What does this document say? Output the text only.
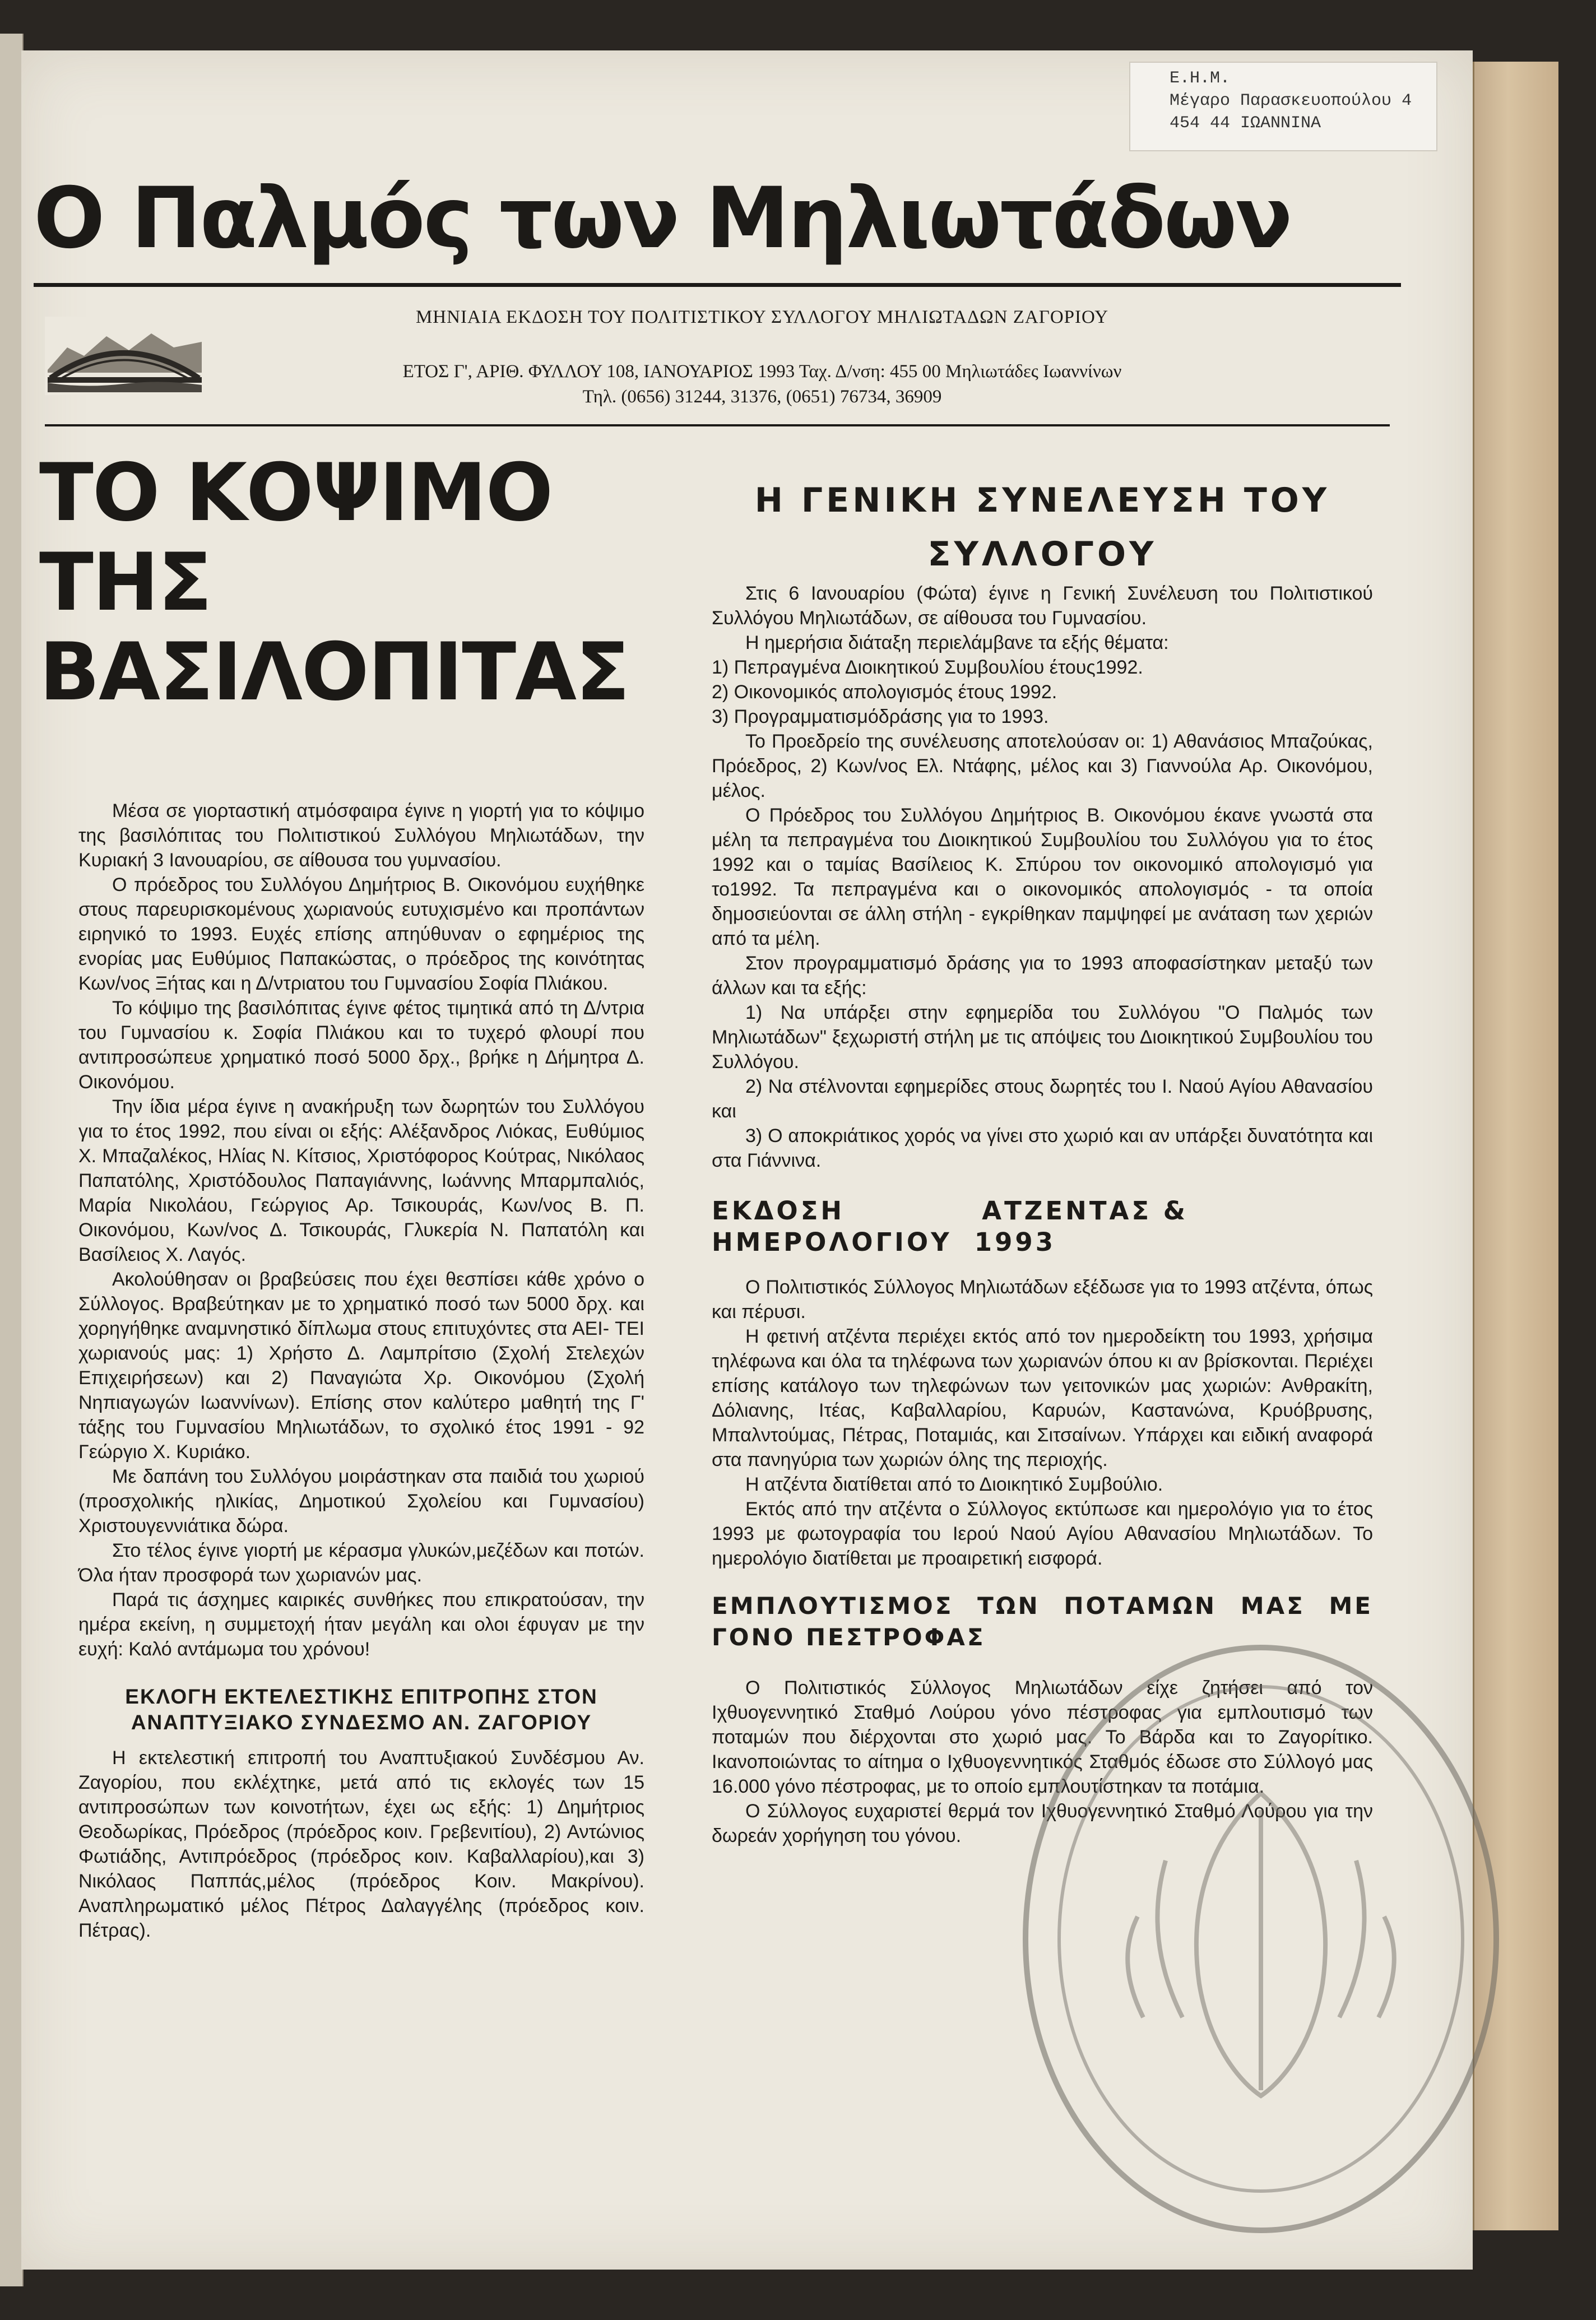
Ε.Η.Μ.
Μέγαρο Παρασκευοπούλου 4
454 44 ΙΩΑΝΝΙΝΑ
Ο Παλμός των Μηλιωτάδων
ΜΗΝΙΑΙΑ ΕΚΔΟΣΗ ΤΟΥ ΠΟΛΙΤΙΣΤΙΚΟΥ ΣΥΛΛΟΓΟΥ ΜΗΛΙΩΤΑΔΩΝ ΖΑΓΟΡΙΟΥ
ΕΤΟΣ Γ', ΑΡΙΘ. ΦΥΛΛΟΥ 108, ΙΑΝΟΥΑΡΙΟΣ 1993 Ταχ. Δ/νση: 455 00 Μηλιωτάδες Ιωαννίνων
Τηλ. (0656) 31244, 31376, (0651) 76734, 36909
ΤΟ ΚΟΨΙΜΟ
ΤΗΣ
ΒΑΣΙΛΟΠΙΤΑΣ

Μέσα σε γιορταστική ατμόσφαιρα έγινε η γιορτή για το κόψιμο της βασιλόπιτας του Πολιτιστικού Συλλόγου Μηλιωτάδων, την Κυριακή 3 Ιανουαρίου, σε αίθουσα του γυμνασίου.

Ο πρόεδρος του Συλλόγου Δημήτριος Β. Οικονόμου ευχήθηκε στους παρευρισκομένους χωριανούς ευτυχισμένο και προπάντων ειρηνικό το 1993. Ευχές επίσης απηύθυναν ο εφημέριος της ενορίας μας Ευθύμιος Παπακώστας, ο πρόεδρος της κοινότητας Κων/νος Ξήτας και η Δ/ντριατου του Γυμνασίου Σοφία Πλιάκου.

Το κόψιμο της βασιλόπιτας έγινε φέτος τιμητικά από τη Δ/ντρια του Γυμνασίου κ. Σοφία Πλιάκου και το τυχερό φλουρί που αντιπροσώπευε χρηματικό ποσό 5000 δρχ., βρήκε η Δήμητρα Δ. Οικονόμου.

Την ίδια μέρα έγινε η ανακήρυξη των δωρητών του Συλλόγου για το έτος 1992, που είναι οι εξής: Αλέξανδρος Λιόκας, Ευθύμιος Χ. Μπαζαλέκος, Ηλίας Ν. Κίτσιος, Χριστόφορος Κούτρας, Νικόλαος Παπατόλης, Χριστόδουλος Παπαγιάννης, Ιωάννης Μπαρμπαλιός, Μαρία Νικολάου, Γεώργιος Αρ. Τσικουράς, Κων/νος Β. Π. Οικονόμου, Κων/νος Δ. Τσικουράς, Γλυκερία Ν. Παπατόλη και Βασίλειος Χ. Λαγός.

Ακολούθησαν οι βραβεύσεις που έχει θεσπίσει κάθε χρόνο ο Σύλλογος. Βραβεύτηκαν με το χρηματικό ποσό των 5000 δρχ. και χορηγήθηκε αναμνηστικό δίπλωμα στους επιτυχόντες στα ΑΕΙ- ΤΕΙ χωριανούς μας: 1) Χρήστο Δ. Λαμπρίτσιο (Σχολή Στελεχών Επιχειρήσεων) και 2) Παναγιώτα Χρ. Οικονόμου (Σχολή Νηπιαγωγών Ιωαννίνων). Επίσης στον καλύτερο μαθητή της Γ' τάξης του Γυμνασίου Μηλιωτάδων, το σχολικό έτος 1991 - 92 Γεώργιο Χ. Κυριάκο.

Με δαπάνη του Συλλόγου μοιράστηκαν στα παιδιά του χωριού (προσχολικής ηλικίας, Δημοτικού Σχολείου και Γυμνασίου) Χριστουγεννιάτικα δώρα.

Στο τέλος έγινε γιορτή με κέρασμα γλυκών,μεζέδων και ποτών. Όλα ήταν προσφορά των χωριανών μας.

Παρά τις άσχημες καιρικές συνθήκες που επικρατούσαν, την ημέρα εκείνη, η συμμετοχή ήταν μεγάλη και ολοι έφυγαν με την ευχή: Καλό αντάμωμα του χρόνου!

ΕΚΛΟΓΗ ΕΚΤΕΛΕΣΤΙΚΗΣ ΕΠΙΤΡΟΠΗΣ ΣΤΟΝ ΑΝΑΠΤΥΞΙΑΚΟ ΣΥΝΔΕΣΜΟ ΑΝ. ΖΑΓΟΡΙΟΥ

Η εκτελεστική επιτροπή του Αναπτυξιακού Συνδέσμου Αν. Ζαγορίου, που εκλέχτηκε, μετά από τις εκλογές των 15 αντιπροσώπων των κοινοτήτων, έχει ως εξής: 1) Δημήτριος Θεοδωρίκας, Πρόεδρος (πρόεδρος κοιν. Γρεβενιτίου), 2) Αντώνιος Φωτιάδης, Αντιπρόεδρος (πρόεδρος κοιν. Καβαλλαρίου),και 3) Νικόλαος Παππάς,μέλος (πρόεδρος Κοιν. Μακρίνου). Αναπληρωματικό μέλος Πέτρος Δαλαγγέλης (πρόεδρος κοιν. Πέτρας).

Η ΓΕΝΙΚΗ ΣΥΝΕΛΕΥΣΗ ΤΟΥ
ΣΥΛΛΟΓΟΥ

Στις 6 Ιανουαρίου (Φώτα) έγινε η Γενική Συνέλευση του Πολιτιστικού Συλλόγου Μηλιωτάδων, σε αίθουσα του Γυμνασίου.

Η ημερήσια διάταξη περιελάμβανε τα εξής θέματα:

1) Πεπραγμένα Διοικητικού Συμβουλίου έτους1992.

2) Οικονομικός απολογισμός έτους 1992.

3) Προγραμματισμόδράσης για το 1993.

Το Προεδρείο της συνέλευσης αποτελούσαν οι: 1) Αθανάσιος Μπαζούκας, Πρόεδρος, 2) Κων/νος Ελ. Ντάφης, μέλος και 3) Γιαννούλα Αρ. Οικονόμου, μέλος.

Ο Πρόεδρος του Συλλόγου Δημήτριος Β. Οικονόμου έκανε γνωστά στα μέλη τα πεπραγμένα του Διοικητικού Συμβουλίου του Συλλόγου για το έτος 1992 και ο ταμίας Βασίλειος Κ. Σπύρου τον οικονομικό απολογισμό για το1992. Τα πεπραγμένα και ο οικονομικός απολογισμός - τα οποία δημοσιεύονται σε άλλη στήλη - εγκρίθηκαν παμψηφεί με ανάταση των χεριών από τα μέλη.

Στον προγραμματισμό δράσης για το 1993 αποφασίστηκαν μεταξύ των άλλων και τα εξής:

1) Να υπάρξει στην εφημερίδα του Συλλόγου "Ο Παλμός των Μηλιωτάδων" ξεχωριστή στήλη με τις απόψεις του Διοικητικού Συμβουλίου του Συλλόγου.

2) Να στέλνονται εφημερίδες στους δωρητές του Ι. Ναού Αγίου Αθανασίου και

3) Ο αποκριάτικος χορός να γίνει στο χωριό και αν υπάρξει δυνατότητα και στα Γιάννινα.

ΕΚΔΟΣΗ	ΑΤΖΕΝΤΑΣ &
ΗΜΕΡΟΛΟΓΙΟΥ 1993

Ο Πολιτιστικός Σύλλογος Μηλιωτάδων εξέδωσε για το 1993 ατζέντα, όπως και πέρυσι.

Η φετινή ατζέντα περιέχει εκτός από τον ημεροδείκτη του 1993, χρήσιμα τηλέφωνα και όλα τα τηλέφωνα των χωριανών όπου κι αν βρίσκονται. Περιέχει επίσης κατάλογο των τηλεφώνων των γειτονικών μας χωριών: Ανθρακίτη, Δόλιανης, Ιτέας, Καβαλλαρίου, Καρυών, Καστανώνα, Κρυόβρυσης, Μπαλντούμας, Πέτρας, Ποταμιάς, και Σιτσαίνων. Υπάρχει και ειδική αναφορά στα πανηγύρια των χωριών όλης της περιοχής.

Η ατζέντα διατίθεται από το Διοικητικό Συμβούλιο.

Εκτός από την ατζέντα ο Σύλλογος εκτύπωσε και ημερολόγιο για το έτος 1993 με φωτογραφία του Ιερού Ναού Αγίου Αθανασίου Μηλιωτάδων. Το ημερολόγιο διατίθεται με προαιρετική εισφορά.

ΕΜΠΛΟΥΤΙΣΜΟΣ ΤΩΝ ΠΟΤΑΜΩΝ ΜΑΣ ΜΕ ΓΟΝΟ ΠΕΣΤΡΟΦΑΣ

Ο Πολιτιστικός Σύλλογος Μηλιωτάδων είχε ζητήσει από τον Ιχθυογεννητικό Σταθμό Λούρου γόνο πέστροφας για εμπλουτισμό των ποταμών που διέρχονται στο χωριό μας. Το Βάρδα και το Ζαγορίτικο. Ικανοποιώντας το αίτημα ο Ιχθυογεννητικός Σταθμός έδωσε στο Σύλλογό μας 16.000 γόνο πέστροφας, με το οποίο εμπλουτίστηκαν τα ποτάμια.

Ο Σύλλογος ευχαριστεί θερμά τον Ιχθυογεννητικό Σταθμό Λούρου για την δωρεάν χορήγηση του γόνου.
